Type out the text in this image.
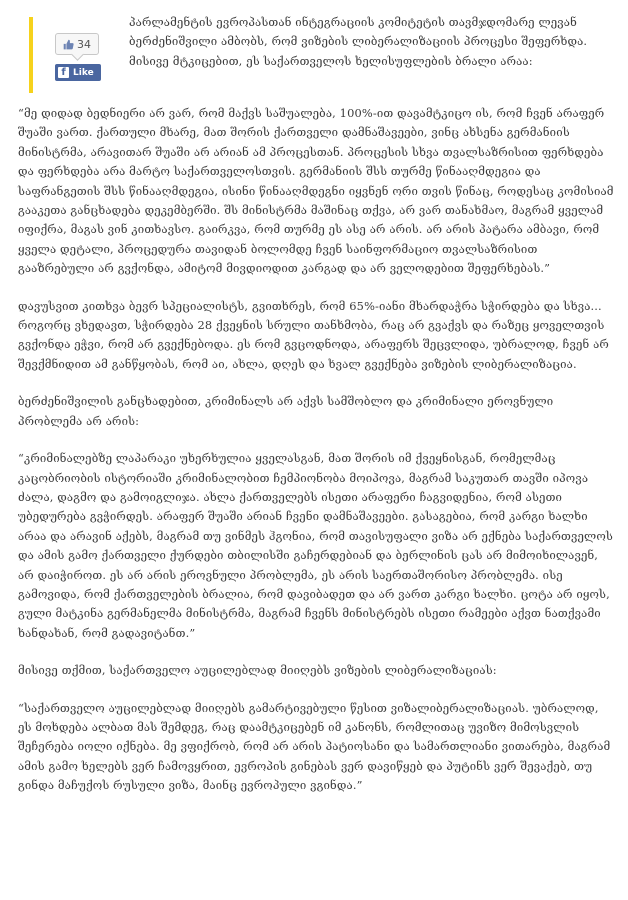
34
f Like

პარლამენტის ევროპასთან ინტეგრაციის კომიტეტის თავმჯდომარე ლევან ბერძენიშვილი ამბობს, რომ ვიზების ლიბერალიზაციის პროცესი შეფერხდა. მისივე მტკიცებით, ეს საქართველოს ხელისუფლების ბრალი არაა:

“მე დიდად ბედნიერი არ ვარ, რომ მაქვს საშუალება, 100%-ით დავამტკიცო ის, რომ ჩვენ არაფერ შუაში ვართ. ქართული მხარე, მათ შორის ქართველი დამნაშავეები, ვინც ახსენა გერმანიის მინისტრმა, არავითარ შუაში არ არიან ამ პროცესთან. პროცესის სხვა თვალსაზრისით ფერხდება და ფერხდება არა მარტო საქართველოსთვის. გერმანიის შსს თურმე წინააღმდეგია და საფრანგეთის შსს წინააღმდეგია, ისინი წინააღმდეგნი იყვნენ ორი თვის წინაც, როდესაც კომისიამ გააკეთა განცხადება დეკემბერში. შს მინისტრმა მაშინაც თქვა, არ ვარ თანახმაო, მაგრამ ყველამ იფიქრა, მაგას ვინ კითხავსო. გაირკვა, რომ თურმე ეს ასე არ არის. არ არის პატარა ამბავი, რომ ყველა დეტალი, პროცედურა თავიდან ბოლომდე ჩვენ საინფორმაციო თვალსაზრისით გააზრებული არ გვქონდა, ამიტომ მივდიოდით კარგად და არ ველოდებით შეფერხებას.”

დავუსვით კითხვა ბევრ სპეციალისტს, გვითხრეს, რომ 65%-იანი მხარდაჭრა სჭირდება და სხვა... როგორც ვხედავთ, სჭირდება 28 ქვეყნის სრული თანხმობა, რაც არ გვაქვს და რაზეც ყოველთვის გვქონდა ეჭვი, რომ არ გვექნებოდა. ეს რომ გვცოდნოდა, არაფერს შეცვლიდა, უბრალოდ, ჩვენ არ შევქმნიდით ამ განწყობას, რომ აი, ახლა, დღეს და ხვალ გვექნება ვიზების ლიბერალიზაცია.

ბერძენიშვილის განცხადებით, კრიმინალს არ აქვს სამშობლო და კრიმინალი ეროვნული პრობლემა არ არის:

“კრიმინალებზე ლაპარაკი უხერხულია ყველასგან, მათ შორის იმ ქვეყნისგან, რომელმაც კაცობრიობის ისტორიაში კრიმინალობით ჩემპიონობა მოიპოვა, მაგრამ საკუთარ თავში იპოვა ძალა, დაგმო და გამოიგლიჯა. ახლა ქართველებს ისეთი არაფერი ჩაგვიდენია, რომ ასეთი უბედურება გვჭირდეს. არაფერ შუაში არიან ჩვენი დამნაშავეები. გასაგებია, რომ კარგი ხალხი არაა და არავინ აქებს, მაგრამ თუ ვინმეს ჰგონია, რომ თავისუფალი ვიზა არ ექნება საქართველოს და ამის გამო ქართველი ქურდები თბილისში გაჩერდებიან და ბერლინის ცას არ მიმოიხილავენ, არ დაიჭიროთ. ეს არ არის ეროვნული პრობლემა, ეს არის საერთაშორისო პრობლემა. ისე გამოვიდა, რომ ქართველების ბრალია, რომ დავიბადეთ და არ ვართ კარგი ხალხი. ცოტა არ იყოს, გული მატკინა გერმანელმა მინისტრმა, მაგრამ ჩვენს მინისტრებს ისეთი რამეები აქვთ ნათქვამი ხანდახან, რომ გადავიტანთ.”

მისივე თქმით, საქართველო აუცილებლად მიიღებს ვიზების ლიბერალიზაციას:

“საქართველო აუცილებლად მიიღებს გამარტივებული წესით ვიზალიბერალიზაციას. უბრალოდ, ეს მოხდება ალბათ მას შემდეგ, რაც დაამტკიცებენ იმ კანონს, რომლითაც უვიზო მიმოსვლის შეჩერება იოლი იქნება. მე ვფიქრობ, რომ არ არის პატიოსანი და სამართლიანი ვითარება, მაგრამ ამის გამო ხელებს ვერ ჩამოვყრით, ევროპის გინებას ვერ დავიწყებ და პუტინს ვერ შევაქებ, თუ გინდა მაჩუქოს რუსული ვიზა, მაინც ევროპული ვგინდა.”
